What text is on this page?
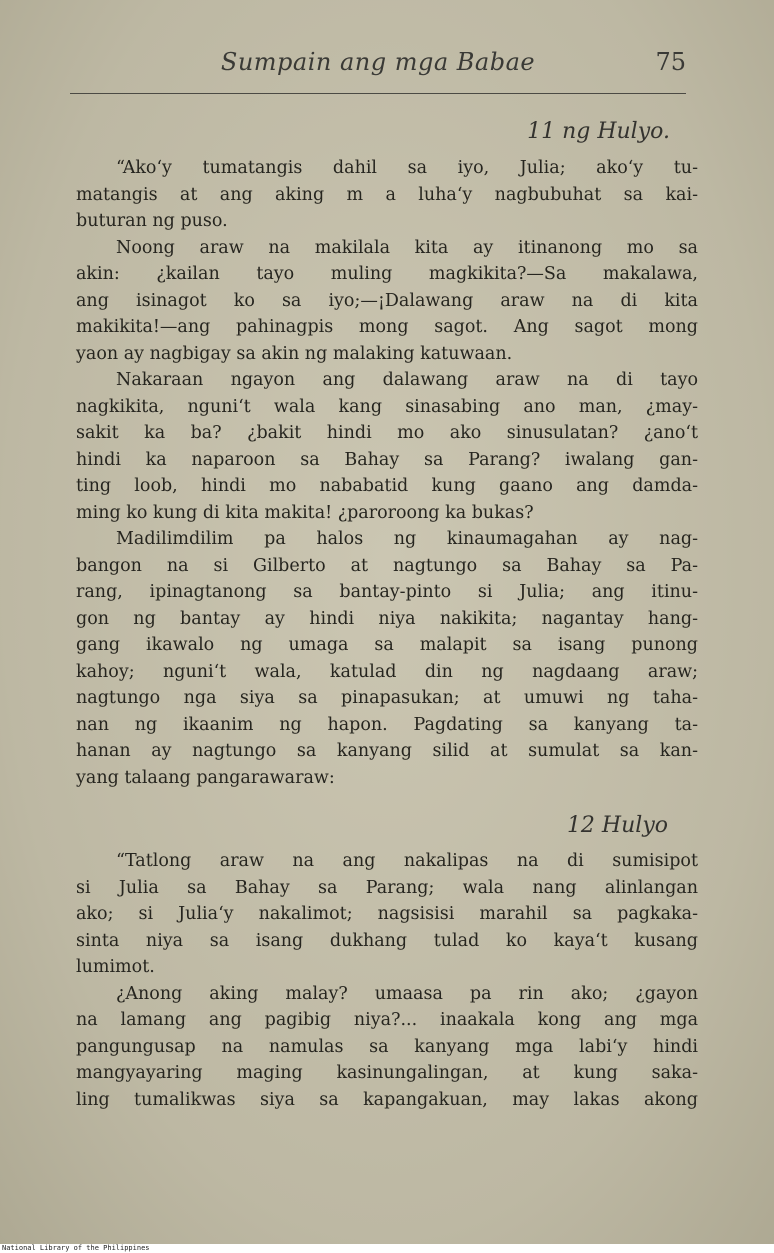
Sumpain ang mga Babae	75
11 ng Hulyo.
“Ako‘y tumatangis dahil sa iyo, Julia; ako‘y tu-
matangis at ang aking m a luha‘y nagbubuhat sa kai-
buturan ng puso.
Noong araw na makilala kita ay itinanong mo sa
akin: ¿kailan tayo muling magkikita?—Sa makalawa,
ang isinagot ko sa iyo;—¡Dalawang araw na di kita
makikita!—ang pahinagpis mong sagot. Ang sagot mong
yaon ay nagbigay sa akin ng malaking katuwaan.
Nakaraan ngayon ang dalawang araw na di tayo
nagkikita, nguni‘t wala kang sinasabing ano man, ¿may-
sakit ka ba? ¿bakit hindi mo ako sinusulatan? ¿ano‘t
hindi ka naparoon sa Bahay sa Parang? iwalang gan-
ting loob, hindi mo nababatid kung gaano ang damda-
ming ko kung di kita makita! ¿paroroong ka bukas?
Madilimdilim pa halos ng kinaumagahan ay nag-
bangon na si Gilberto at nagtungo sa Bahay sa Pa-
rang, ipinagtanong sa bantay-pinto si Julia; ang itinu-
gon ng bantay ay hindi niya nakikita; nagantay hang-
gang ikawalo ng umaga sa malapit sa isang punong
kahoy; nguni‘t wala, katulad din ng nagdaang araw;
nagtungo nga siya sa pinapasukan; at umuwi ng taha-
nan ng ikaanim ng hapon. Pagdating sa kanyang ta-
hanan ay nagtungo sa kanyang silid at sumulat sa kan-
yang talaang pangarawaraw:
12 Hulyo
“Tatlong araw na ang nakalipas na di sumisipot
si Julia sa Bahay sa Parang; wala nang alinlangan
ako; si Julia‘y nakalimot; nagsisisi marahil sa pagkaka-
sinta niya sa isang dukhang tulad ko kaya‘t kusang
lumimot.
¿Anong aking malay? umaasa pa rin ako; ¿gayon
na lamang ang pagibig niya?... inaakala kong ang mga
pangungusap na namulas sa kanyang mga labi‘y hindi
mangyayaring maging kasinungalingan, at kung saka-
ling tumalikwas siya sa kapangakuan, may lakas akong
National Library of the Philippines
